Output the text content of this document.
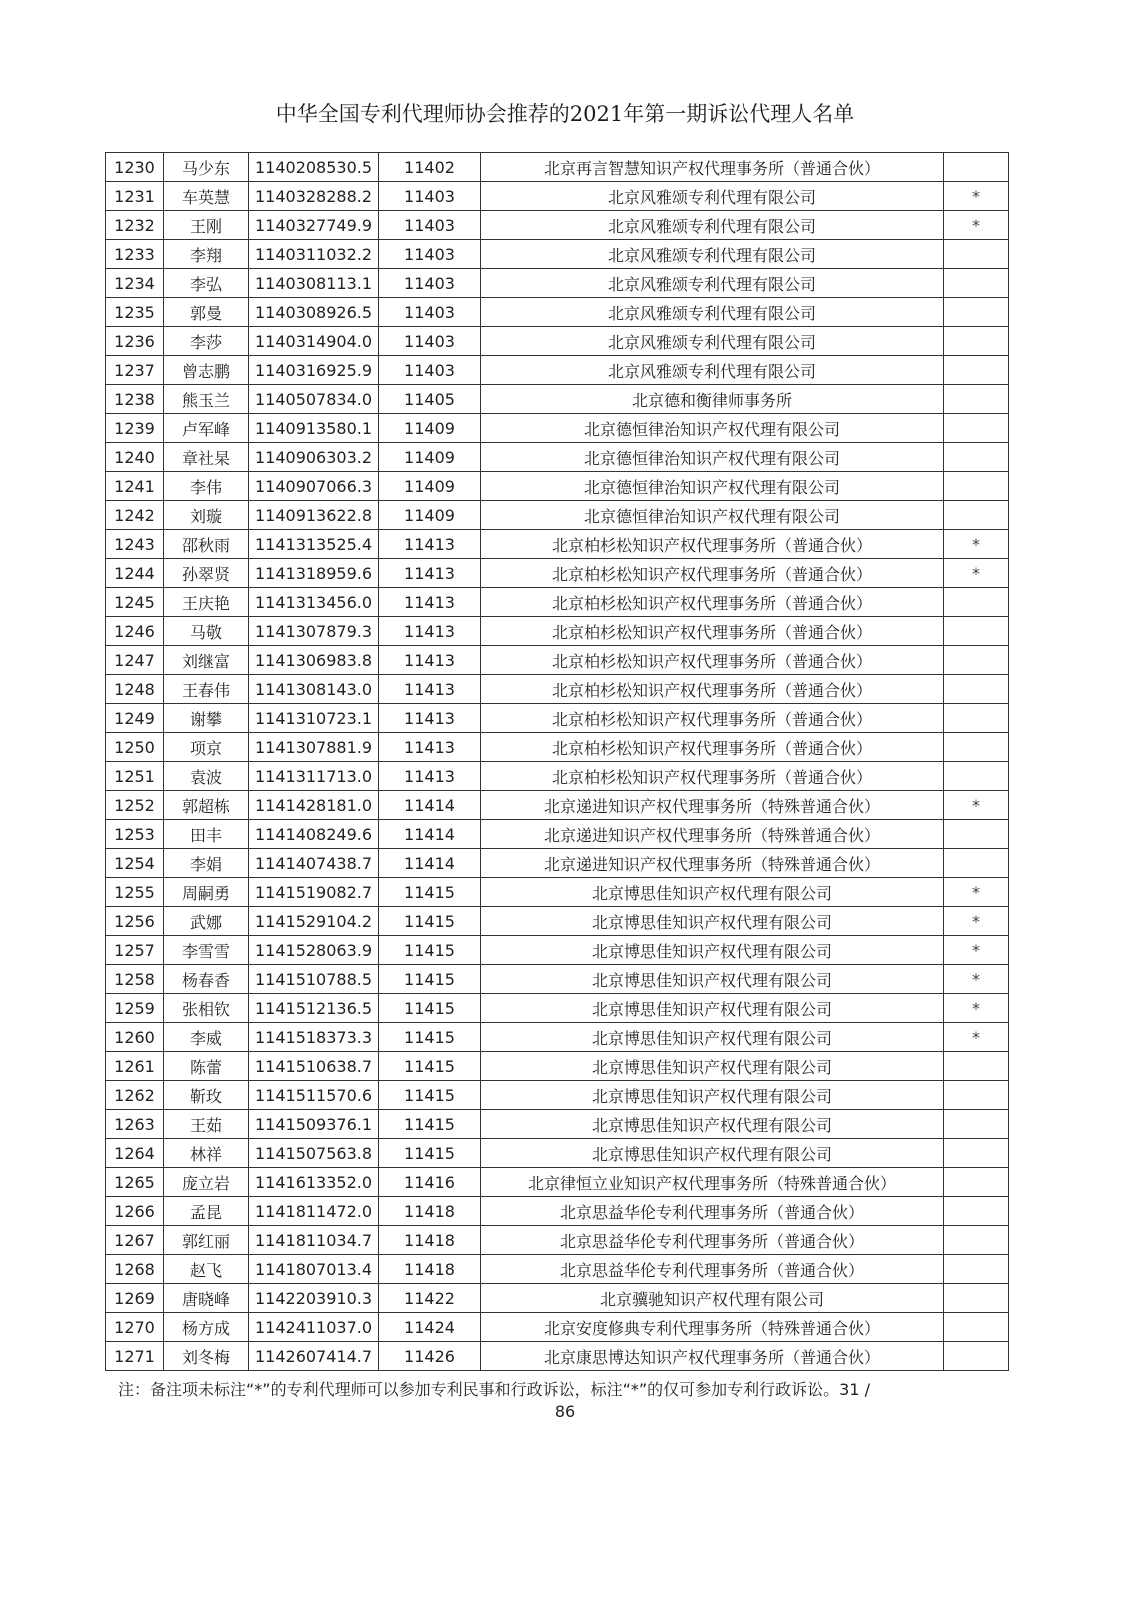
中华全国专利代理师协会推荐的2021年第一期诉讼代理人名单
1230	马少东	1140208530.5	11402	北京再言智慧知识产权代理事务所（普通合伙）	
1231	车英慧	1140328288.2	11403	北京风雅颂专利代理有限公司	*
1232	王刚	1140327749.9	11403	北京风雅颂专利代理有限公司	*
1233	李翔	1140311032.2	11403	北京风雅颂专利代理有限公司	
1234	李弘	1140308113.1	11403	北京风雅颂专利代理有限公司	
1235	郭曼	1140308926.5	11403	北京风雅颂专利代理有限公司	
1236	李莎	1140314904.0	11403	北京风雅颂专利代理有限公司	
1237	曾志鹏	1140316925.9	11403	北京风雅颂专利代理有限公司	
1238	熊玉兰	1140507834.0	11405	北京德和衡律师事务所	
1239	卢军峰	1140913580.1	11409	北京德恒律治知识产权代理有限公司	
1240	章社杲	1140906303.2	11409	北京德恒律治知识产权代理有限公司	
1241	李伟	1140907066.3	11409	北京德恒律治知识产权代理有限公司	
1242	刘璇	1140913622.8	11409	北京德恒律治知识产权代理有限公司	
1243	邵秋雨	1141313525.4	11413	北京柏杉松知识产权代理事务所（普通合伙）	*
1244	孙翠贤	1141318959.6	11413	北京柏杉松知识产权代理事务所（普通合伙）	*
1245	王庆艳	1141313456.0	11413	北京柏杉松知识产权代理事务所（普通合伙）	
1246	马敬	1141307879.3	11413	北京柏杉松知识产权代理事务所（普通合伙）	
1247	刘继富	1141306983.8	11413	北京柏杉松知识产权代理事务所（普通合伙）	
1248	王春伟	1141308143.0	11413	北京柏杉松知识产权代理事务所（普通合伙）	
1249	谢攀	1141310723.1	11413	北京柏杉松知识产权代理事务所（普通合伙）	
1250	项京	1141307881.9	11413	北京柏杉松知识产权代理事务所（普通合伙）	
1251	袁波	1141311713.0	11413	北京柏杉松知识产权代理事务所（普通合伙）	
1252	郭超栋	1141428181.0	11414	北京递进知识产权代理事务所（特殊普通合伙）	*
1253	田丰	1141408249.6	11414	北京递进知识产权代理事务所（特殊普通合伙）	
1254	李娟	1141407438.7	11414	北京递进知识产权代理事务所（特殊普通合伙）	
1255	周嗣勇	1141519082.7	11415	北京博思佳知识产权代理有限公司	*
1256	武娜	1141529104.2	11415	北京博思佳知识产权代理有限公司	*
1257	李雪雪	1141528063.9	11415	北京博思佳知识产权代理有限公司	*
1258	杨春香	1141510788.5	11415	北京博思佳知识产权代理有限公司	*
1259	张相钦	1141512136.5	11415	北京博思佳知识产权代理有限公司	*
1260	李威	1141518373.3	11415	北京博思佳知识产权代理有限公司	*
1261	陈蕾	1141510638.7	11415	北京博思佳知识产权代理有限公司	
1262	靳玫	1141511570.6	11415	北京博思佳知识产权代理有限公司	
1263	王茹	1141509376.1	11415	北京博思佳知识产权代理有限公司	
1264	林祥	1141507563.8	11415	北京博思佳知识产权代理有限公司	
1265	庞立岩	1141613352.0	11416	北京律恒立业知识产权代理事务所（特殊普通合伙）	
1266	孟昆	1141811472.0	11418	北京思益华伦专利代理事务所（普通合伙）	
1267	郭红丽	1141811034.7	11418	北京思益华伦专利代理事务所（普通合伙）	
1268	赵飞	1141807013.4	11418	北京思益华伦专利代理事务所（普通合伙）	
1269	唐晓峰	1142203910.3	11422	北京骥驰知识产权代理有限公司	
1270	杨方成	1142411037.0	11424	北京安度修典专利代理事务所（特殊普通合伙）	
1271	刘冬梅	1142607414.7	11426	北京康思博达知识产权代理事务所（普通合伙）	
注：备注项未标注“*”的专利代理师可以参加专利民事和行政诉讼，标注“*”的仅可参加专利行政诉讼。31 /
86
